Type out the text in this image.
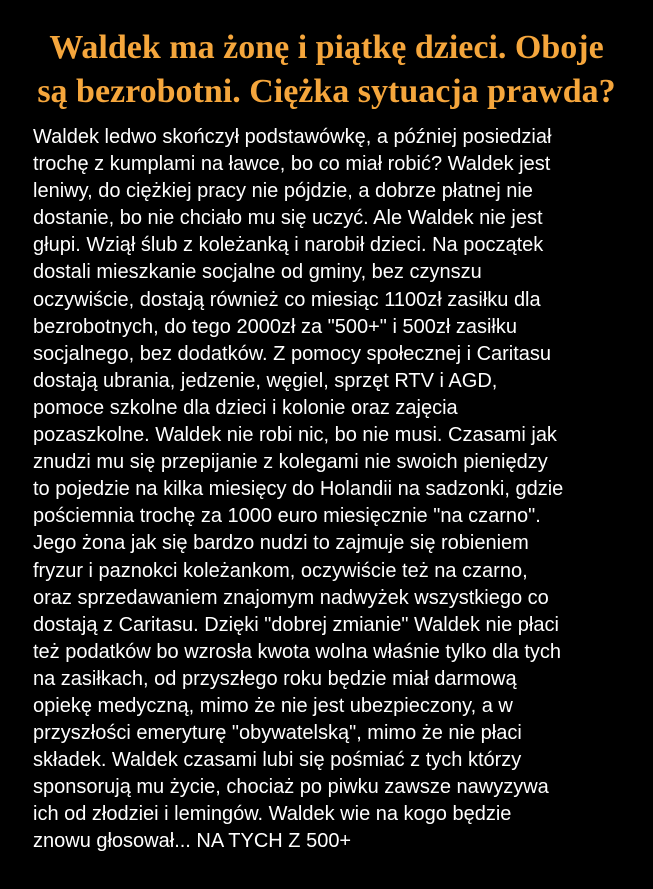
Waldek ma żonę i piątkę dzieci. Oboje
są bezrobotni. Ciężka sytuacja prawda?

Waldek ledwo skończył podstawówkę, a później posiedział
trochę z kumplami na ławce, bo co miał robić? Waldek jest
leniwy, do ciężkiej pracy nie pójdzie, a dobrze płatnej nie
dostanie, bo nie chciało mu się uczyć. Ale Waldek nie jest
głupi. Wziął ślub z koleżanką i narobił dzieci. Na początek
dostali mieszkanie socjalne od gminy, bez czynszu
oczywiście, dostają również co miesiąc 1100zł zasiłku dla
bezrobotnych, do tego 2000zł za "500+" i 500zł zasiłku
socjalnego, bez dodatków. Z pomocy społecznej i Caritasu
dostają ubrania, jedzenie, węgiel, sprzęt RTV i AGD,
pomoce szkolne dla dzieci i kolonie oraz zajęcia
pozaszkolne. Waldek nie robi nic, bo nie musi. Czasami jak
znudzi mu się przepijanie z kolegami nie swoich pieniędzy
to pojedzie na kilka miesięcy do Holandii na sadzonki, gdzie
pościemnia trochę za 1000 euro miesięcznie "na czarno".
Jego żona jak się bardzo nudzi to zajmuje się robieniem
fryzur i paznokci koleżankom, oczywiście też na czarno,
oraz sprzedawaniem znajomym nadwyżek wszystkiego co
dostają z Caritasu. Dzięki "dobrej zmianie" Waldek nie płaci
też podatków bo wzrosła kwota wolna właśnie tylko dla tych
na zasiłkach, od przyszłego roku będzie miał darmową
opiekę medyczną, mimo że nie jest ubezpieczony, a w
przyszłości emeryturę "obywatelską", mimo że nie płaci
składek. Waldek czasami lubi się pośmiać z tych którzy
sponsorują mu życie, chociaż po piwku zawsze nawyzywa
ich od złodziei i lemingów. Waldek wie na kogo będzie
znowu głosował... NA TYCH Z 500+
